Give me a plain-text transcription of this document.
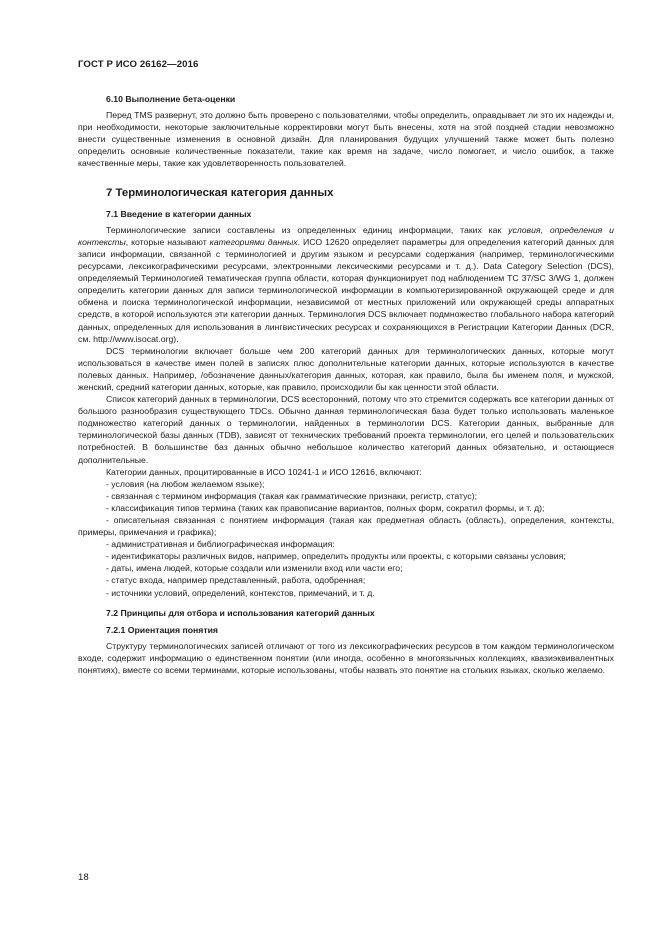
ГОСТ Р ИСО 26162—2016
6.10 Выполнение бета-оценки

Перед TMS развернут, это должно быть проверено с пользователями, чтобы определить, оправдывает ли это их надежды и, при необходимости, некоторые заключительные корректировки могут быть внесены, хотя на этой поздней стадии невозможно внести существенные изменения в основной дизайн. Для планирования будущих улучшений также может быть полезно определить основные количественные показатели, такие как время на задаче, число помогает, и число ошибок, а также качественные меры, такие как удовлетворенность пользователей.

7 Терминологическая категория данных
7.1 Введение в категории данных

Терминологические записи составлены из определенных единиц информации, таких как условия, определения и контексты, которые называют категориями данных. ИСО 12620 определяет параметры для определения категорий данных для записи информации, связанной с терминологией и другим языком и ресурсами содержания (например, терминологическими ресурсами, лексикографическими ресурсами, электронными лексическими ресурсами и т. д.). Data Category Selection (DCS), определяемый Терминологией тематическая группа области, которая функционирует под наблюдением ТС 37/SC 3/WG 1, должен определить категории данных для записи терминологической информации в компьютеризированной окружающей среде и для обмена и поиска терминологической информации, независимой от местных приложений или окружающей среды аппаратных средств, в которой используются эти категории данных. Терминология DCS включает подмножество глобального набора категорий данных, определенных для использования в лингвистических ресурсах и сохраняющихся в Регистрации Категории Данных (DCR, см. http://www.isocat.org).

DCS терминологии включает больше чем 200 категорий данных для терминологических данных, которые могут использоваться в качестве имен полей в записях плюс дополнительные категории данных, которые используются в качестве полевых данных. Например, /обозначение данных/категория данных, которая, как правило, была бы именем поля, и мужской, женский, средний категории данных, которые, как правило, происходили бы как ценности этой области.

Список категорий данных в терминологии, DCS всесторонний, потому что это стремится содержать все категории данных от большого разнообразия существующего TDCs. Обычно данная терминологическая база будет только использовать маленькое подмножество категорий данных о терминологии, найденных в терминологии DCS. Категории данных, выбранные для терминологической базы данных (TDB), зависят от технических требований проекта терминологии, его целей и пользовательских потребностей. В большинстве баз данных обычно небольшое количество категорий данных обязательно, и остающиеся дополнительные.

Категории данных, процитированные в ИСО 10241-1 и ИСО 12616, включают:

- условия (на любом желаемом языке);
- связанная с термином информация (такая как грамматические признаки, регистр, статус);
- классификация типов термина (таких как правописание вариантов, полных форм, сократил формы, и т. д);
- описательная связанная с понятием информация (такая как предметная область (область), определения, контексты, примеры, примечания и графика);
- административная и библиографическая информация:
- идентификаторы различных видов, например, определить продукты или проекты, с которыми связаны условия;
- даты, имена людей, которые создали или изменили вход или части его;
- статус входа, например представленный, работа, одобренная;
- источники условий, определений, контекстов, примечаний, и т. д.
7.2 Принципы для отбора и использования категорий данных
7.2.1 Ориентация понятия

Структуру терминологических записей отличают от того из лексикографических ресурсов в том каждом терминологическом входе, содержит информацию о единственном понятии (или иногда, особенно в многоязычных коллекциях, квазиэквивалентных понятиях), вместе со всеми терминами, которые использованы, чтобы назвать это понятие на стольких языках, сколько желаемо.

18
